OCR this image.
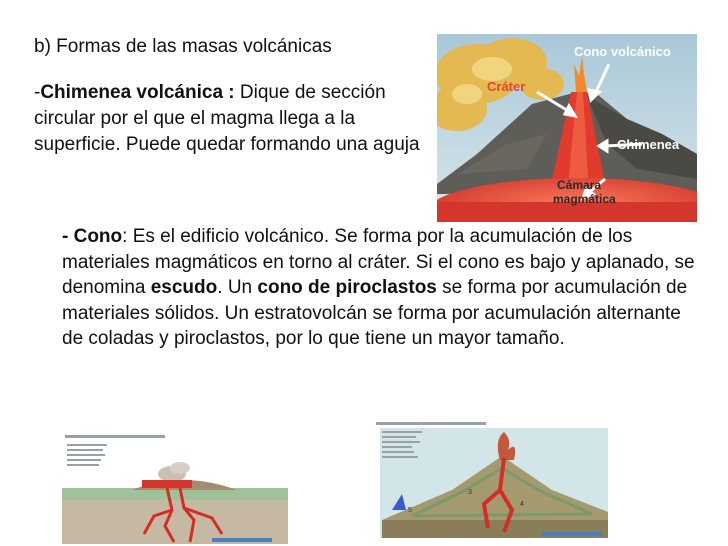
b) Formas de las masas volcánicas
-Chimenea volcánica : Dique de sección circular por el que el magma llega a la superficie. Puede quedar formando una aguja
Cono volcánico
Cráter
Chimenea
Cámara
magmática
- Cono: Es el edificio volcánico. Se forma por la acumulación de los materiales magmáticos en torno al cráter. Si el cono es bajo y aplanado, se denomina escudo. Un cono de piroclastos se forma por acumulación de materiales sólidos. Un estratovolcán se forma por acumulación alternante de coladas y piroclastos, por lo que tiene un mayor tamaño.
3
4
5
